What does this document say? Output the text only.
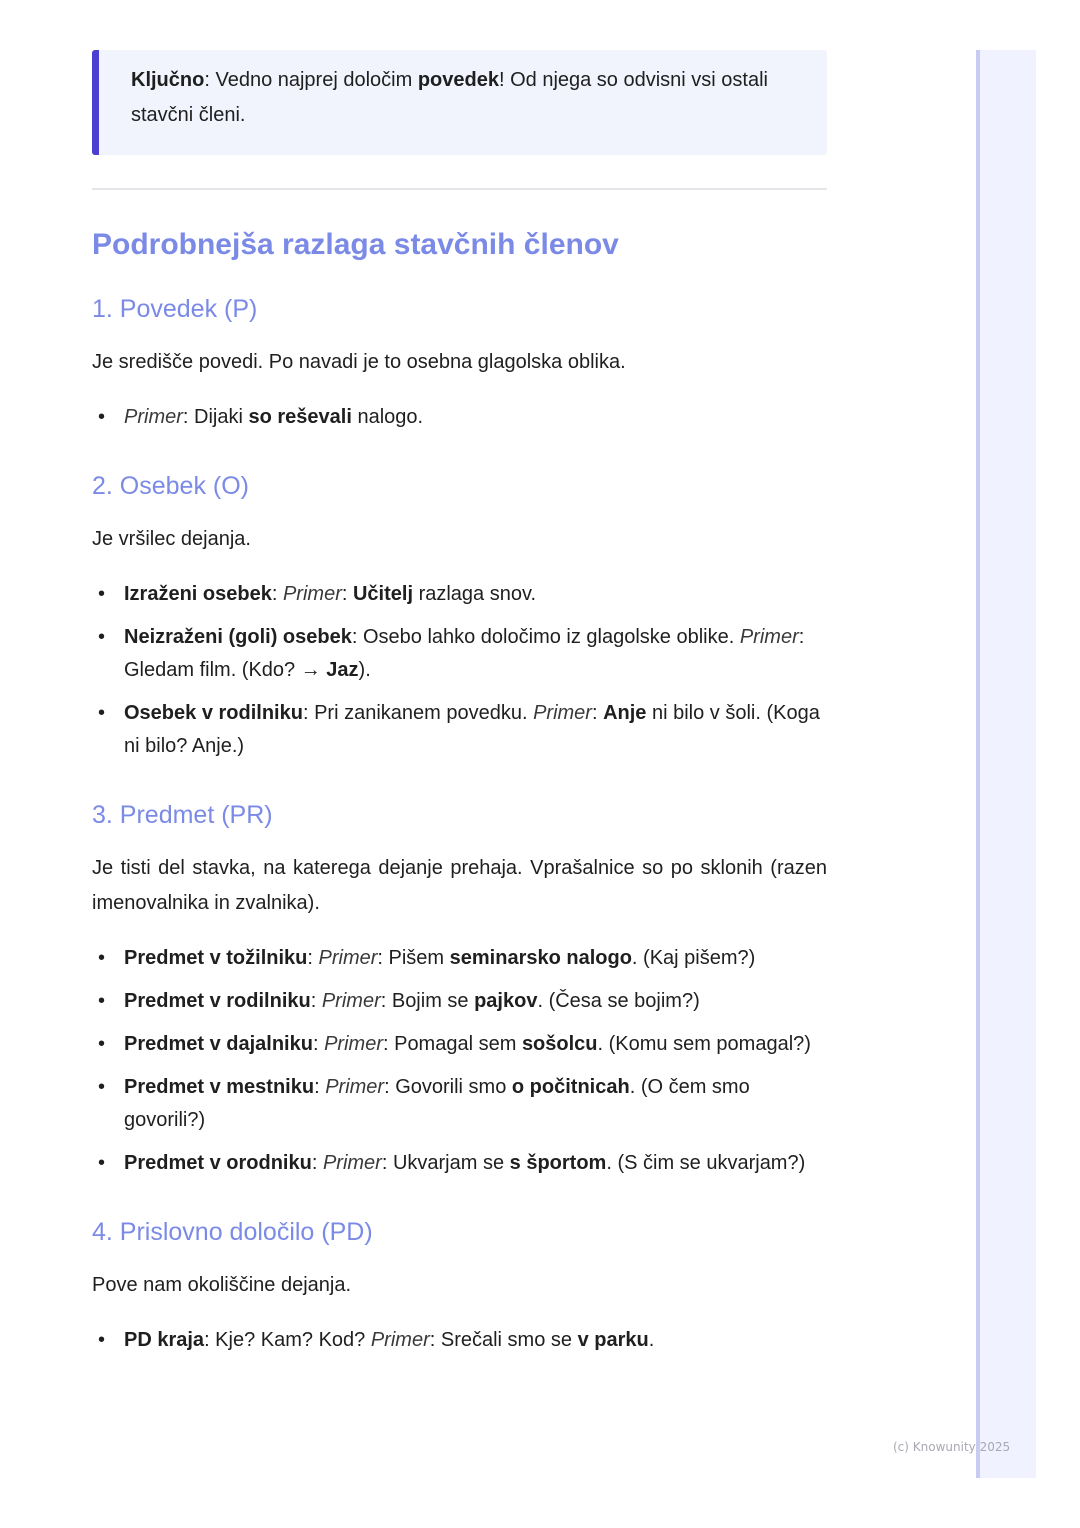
Ključno: Vedno najprej določim povedek! Od njega so odvisni vsi ostali stavčni členi.
Podrobnejša razlaga stavčnih členov
1. Povedek (P)

Je središče povedi. Po navadi je to osebna glagolska oblika.

• Primer: Dijaki so reševali nalogo.
2. Osebek (O)

Je vršilec dejanja.

• Izraženi osebek: Primer: Učitelj razlaga snov.
• Neizraženi (goli) osebek: Osebo lahko določimo iz glagolske oblike. Primer: Gledam film. (Kdo? → Jaz).
• Osebek v rodilniku: Pri zanikanem povedku. Primer: Anje ni bilo v šoli. (Koga ni bilo? Anje.)
3. Predmet (PR)

Je tisti del stavka, na katerega dejanje prehaja. Vprašalnice so po sklonih (razen imenovalnika in zvalnika).

• Predmet v tožilniku: Primer: Pišem seminarsko nalogo. (Kaj pišem?)
• Predmet v rodilniku: Primer: Bojim se pajkov. (Česa se bojim?)
• Predmet v dajalniku: Primer: Pomagal sem sošolcu. (Komu sem pomagal?)
• Predmet v mestniku: Primer: Govorili smo o počitnicah. (O čem smo govorili?)
• Predmet v orodniku: Primer: Ukvarjam se s športom. (S čim se ukvarjam?)
4. Prislovno določilo (PD)

Pove nam okoliščine dejanja.

• PD kraja: Kje? Kam? Kod? Primer: Srečali smo se v parku.
(c) Knowunity 2025
